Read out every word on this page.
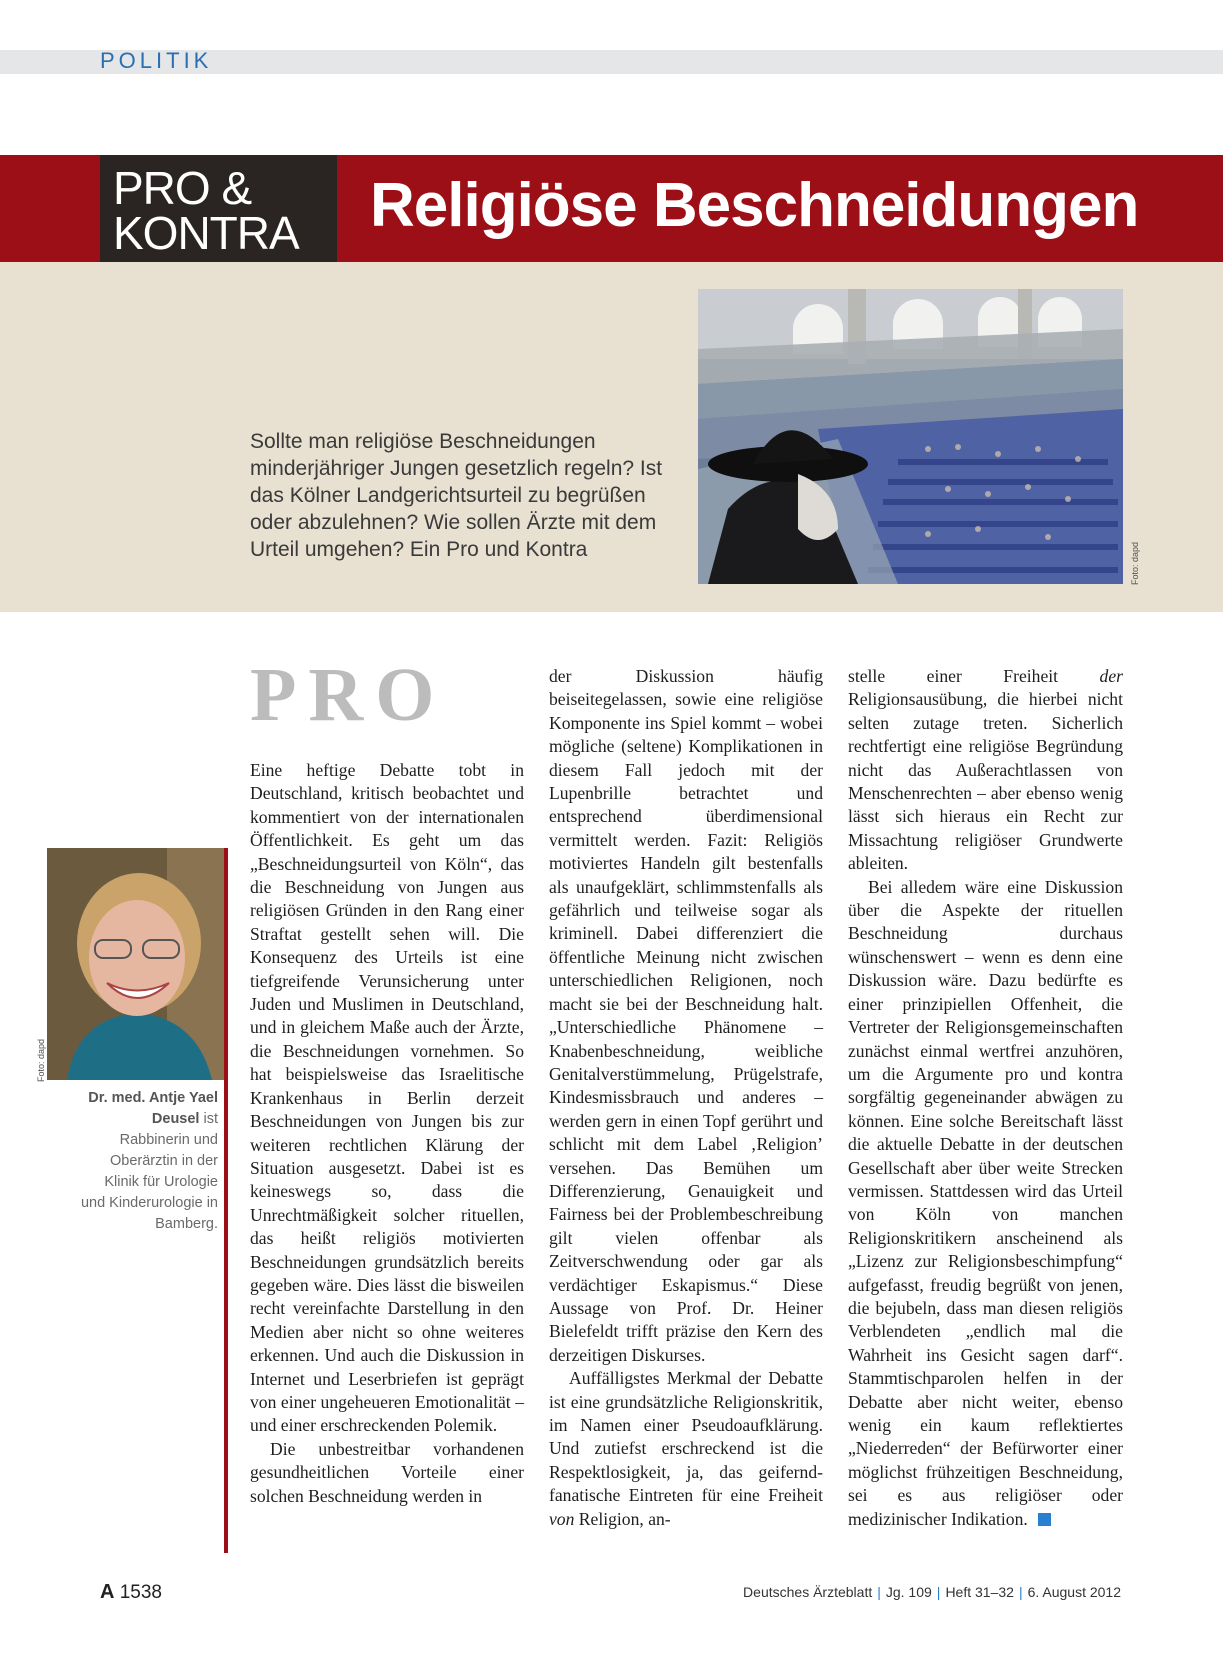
POLITIK
PRO &
KONTRA Religiöse Beschneidungen
Sollte man religiöse Beschneidungen minderjähriger Jungen gesetzlich regeln? Ist das Kölner Landgerichtsurteil zu begrüßen oder abzulehnen? Wie sollen Ärzte mit dem Urteil umgehen? Ein Pro und Kontra	Foto: dapd
PRO
Foto: dapd
Dr. med. Antje Yael Deusel ist Rabbinerin und Oberärztin in der Klinik für Urologie und Kinderurologie in Bamberg.

Eine heftige Debatte tobt in Deutschland, kritisch beobachtet und kommentiert von der internationalen Öffentlichkeit. Es geht um das „Beschneidungsurteil von Köln“, das die Beschneidung von Jungen aus religiösen Gründen in den Rang einer Straftat gestellt sehen will. Die Konsequenz des Urteils ist eine tiefgreifende Verunsicherung unter Juden und Muslimen in Deutschland, und in gleichem Maße auch der Ärzte, die Beschneidungen vornehmen. So hat beispielsweise das Israelitische Krankenhaus in Berlin derzeit Beschneidungen von Jungen bis zur weiteren rechtlichen Klärung der Situation ausgesetzt. Dabei ist es keineswegs so, dass die Unrechtmäßigkeit solcher rituellen, das heißt religiös motivierten Beschneidungen grundsätzlich bereits gegeben wäre. Dies lässt die bisweilen recht vereinfachte Darstellung in den Medien aber nicht so ohne weiteres erkennen. Und auch die Diskussion in Internet und Leserbriefen ist geprägt von einer ungeheueren Emotionalität – und einer erschreckenden Polemik.

Die unbestreitbar vorhandenen gesundheitlichen Vorteile einer solchen Beschneidung werden in

der Diskussion häufig beiseitegelassen, sowie eine religiöse Komponente ins Spiel kommt – wobei mögliche (seltene) Komplikationen in diesem Fall jedoch mit der Lupenbrille betrachtet und entsprechend überdimensional vermittelt werden. Fazit: Religiös motiviertes Handeln gilt bestenfalls als unaufgeklärt, schlimmstenfalls als gefährlich und teilweise sogar als kriminell. Dabei differenziert die öffentliche Meinung nicht zwischen unterschiedlichen Religionen, noch macht sie bei der Beschneidung halt. „Unterschiedliche Phänomene – Knabenbeschneidung, weibliche Genitalverstümmelung, Prügelstrafe, Kindesmissbrauch und anderes – werden gern in einen Topf gerührt und schlicht mit dem Label ‚Religion’ versehen. Das Bemühen um Differenzierung, Genauigkeit und Fairness bei der Problembeschreibung gilt vielen offenbar als Zeitverschwendung oder gar als verdächtiger Eskapismus.“ Diese Aussage von Prof. Dr. Heiner Bielefeldt trifft präzise den Kern des derzeitigen Diskurses.

Auffälligstes Merkmal der Debatte ist eine grundsätzliche Religionskritik, im Namen einer Pseudoaufklärung. Und zutiefst erschreckend ist die Respektlosigkeit, ja, das geifernd-fanatische Eintreten für eine Freiheit von Religion, an-

stelle einer Freiheit der Religionsausübung, die hierbei nicht selten zutage treten. Sicherlich rechtfertigt eine religiöse Begründung nicht das Außerachtlassen von Menschenrechten – aber ebenso wenig lässt sich hieraus ein Recht zur Missachtung religiöser Grundwerte ableiten.

Bei alledem wäre eine Diskussion über die Aspekte der rituellen Beschneidung durchaus wünschenswert – wenn es denn eine Diskussion wäre. Dazu bedürfte es einer prinzipiellen Offenheit, die Vertreter der Religionsgemeinschaften zunächst einmal wertfrei anzuhören, um die Argumente pro und kontra sorgfältig gegeneinander abwägen zu können. Eine solche Bereitschaft lässt die aktuelle Debatte in der deutschen Gesellschaft aber über weite Strecken vermissen. Stattdessen wird das Urteil von Köln von manchen Religionskritikern anscheinend als „Lizenz zur Religionsbeschimpfung“ aufgefasst, freudig begrüßt von jenen, die bejubeln, dass man diesen religiös Verblendeten „endlich mal die Wahrheit ins Gesicht sagen darf“. Stammtischparolen helfen in der Debatte aber nicht weiter, ebenso wenig ein kaum reflektiertes „Niederreden“ der Befürworter einer möglichst frühzeitigen Beschneidung, sei es aus religiöser oder medizinischer Indikation.

A 1538	Deutsches Ärzteblatt | Jg. 109 | Heft 31–32 | 6. August 2012
